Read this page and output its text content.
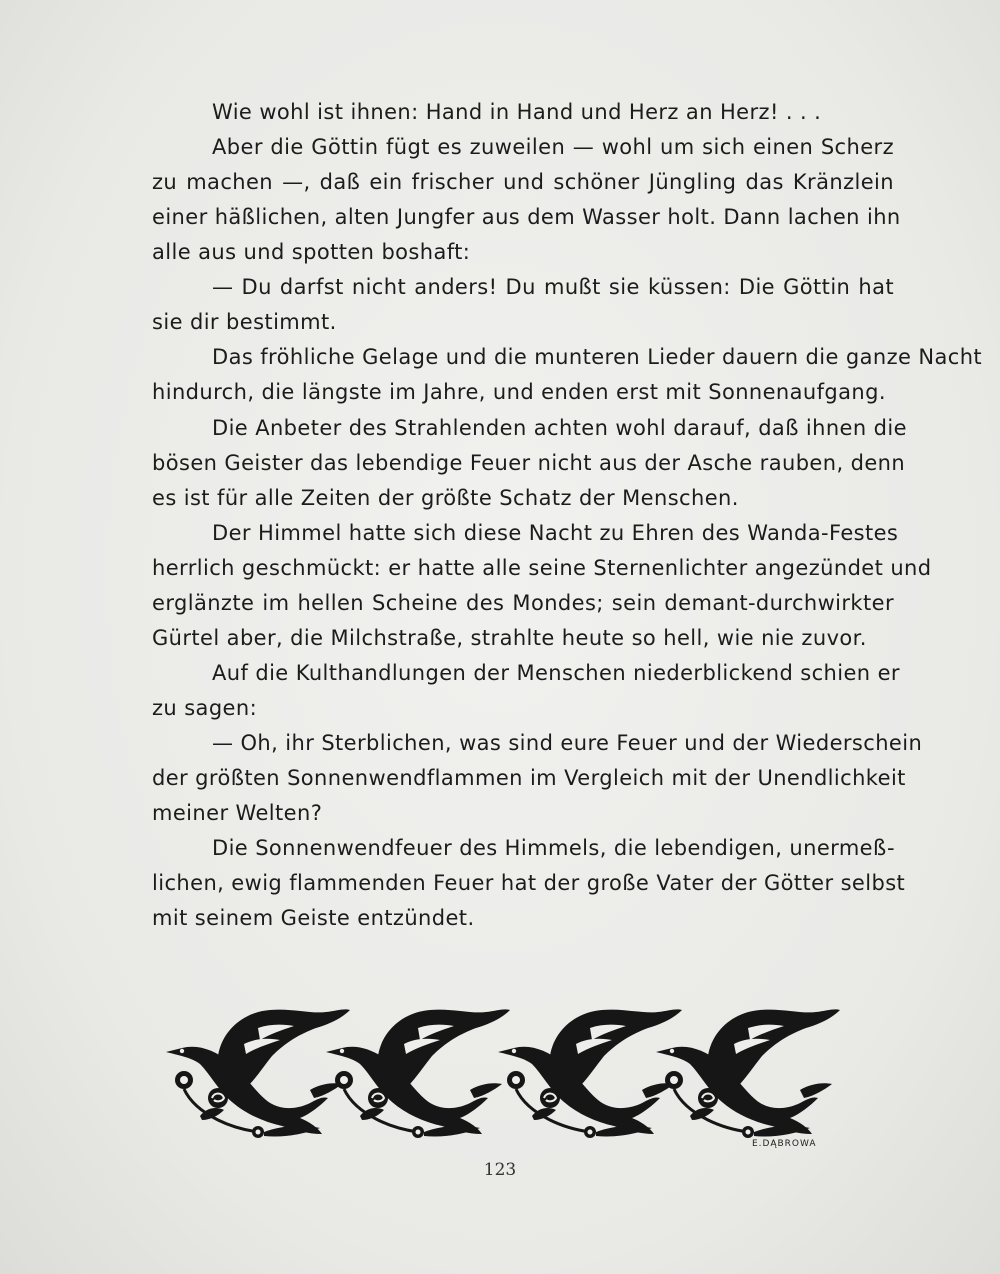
Wie wohl ist ihnen: Hand in Hand und Herz an Herz! . . .
Aber die Göttin fügt es zuweilen — wohl um sich einen Scherz
zu machen —, daß ein frischer und schöner Jüngling das Kränzlein
einer häßlichen, alten Jungfer aus dem Wasser holt. Dann lachen ihn
alle aus und spotten boshaft:
— Du darfst nicht anders! Du mußt sie küssen: Die Göttin hat
sie dir bestimmt.
Das fröhliche Gelage und die munteren Lieder dauern die ganze Nacht
hindurch, die längste im Jahre, und enden erst mit Sonnenaufgang.
Die Anbeter des Strahlenden achten wohl darauf, daß ihnen die
bösen Geister das lebendige Feuer nicht aus der Asche rauben, denn
es ist für alle Zeiten der größte Schatz der Menschen.
Der Himmel hatte sich diese Nacht zu Ehren des Wanda-Festes
herrlich geschmückt: er hatte alle seine Sternenlichter angezündet und
erglänzte im hellen Scheine des Mondes; sein demant-durchwirkter
Gürtel aber, die Milchstraße, strahlte heute so hell, wie nie zuvor.
Auf die Kulthandlungen der Menschen niederblickend schien er
zu sagen:
— Oh, ihr Sterblichen, was sind eure Feuer und der Wiederschein
der größten Sonnenwendflammen im Vergleich mit der Unendlichkeit
meiner Welten?
Die Sonnenwendfeuer des Himmels, die lebendigen, unermeß-
lichen, ewig flammenden Feuer hat der große Vater der Götter selbst
mit seinem Geiste entzündet.
E.DĄBROWA
123
